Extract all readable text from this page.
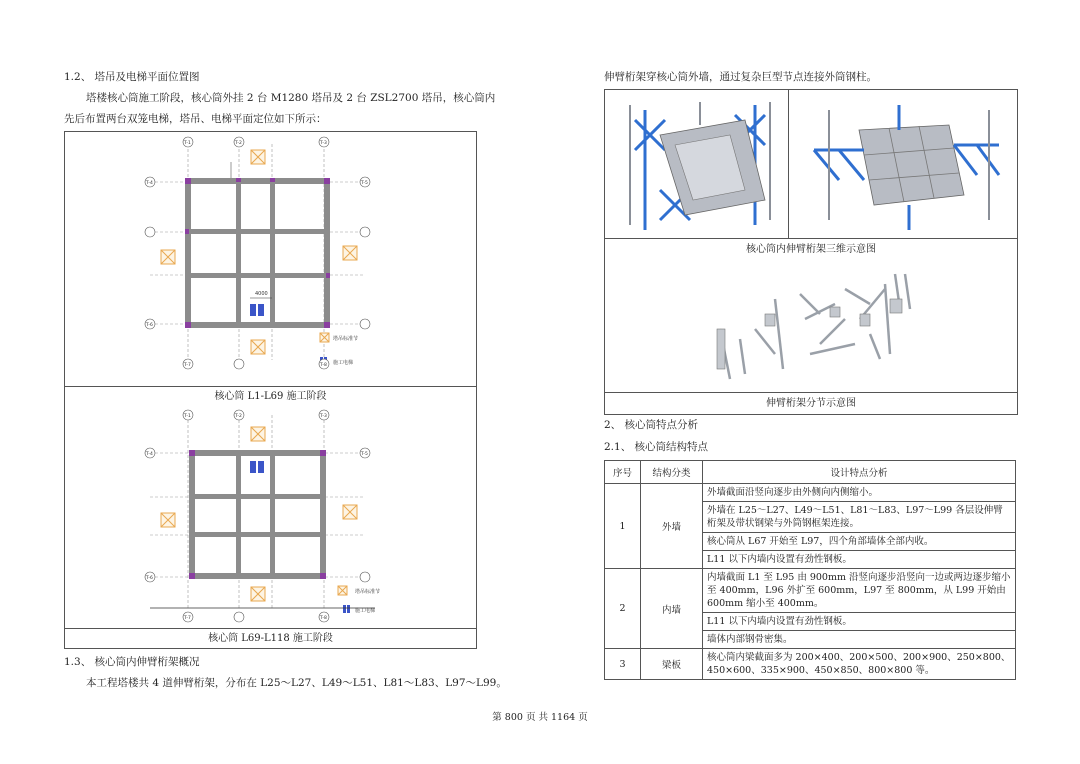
1.2、 塔吊及电梯平面位置图
塔楼核心筒施工阶段，核心筒外挂 2 台 M1280 塔吊及 2 台 ZSL2700 塔吊，核心筒内
先后布置两台双笼电梯，塔吊、电梯平面定位如下所示：
4000
塔吊标准节
施工电梯
T-1	T-2	T-3
T-4	T-5
T-6
T-7	T-8
核心筒 L1-L69 施工阶段
塔吊标准节
施工电梯
T-1	T-2	T-3
T-4	T-5
T-6
T-7	T-8
核心筒 L69-L118 施工阶段
1.3、 核心筒内伸臂桁架概况
本工程塔楼共 4 道伸臂桁架，分布在 L25～L27、L49～L51、L81～L83、L97～L99。
伸臂桁架穿核心筒外墙，通过复杂巨型节点连接外筒钢柱。
核心筒内伸臂桁架三维示意图
伸臂桁架分节示意图
2、 核心筒特点分析
2.1、 核心筒结构特点
序号	结构分类	设计特点分析
1	外墙	外墙截面沿竖向逐步由外侧向内侧缩小。
		外墙在 L25～L27、L49～L51、L81～L83、L97～L99 各层设伸臂桁架及带状钢梁与外筒钢框架连接。
		核心筒从 L67 开始至 L97，四个角部墙体全部内收。
		L11 以下内墙内设置有劲性钢板。
2	内墙	内墙截面 L1 至 L95 由 900mm 沿竖向逐步沿竖向一边或两边逐步缩小至 400mm，L96 外扩至 600mm，L97 至 800mm，从 L99 开始由 600mm 缩小至 400mm。
		L11 以下内墙内设置有劲性钢板。
		墙体内部钢骨密集。
3	梁板	核心筒内梁截面多为 200×400、200×500、200×900、250×800、450×600、335×900、450×850、800×800 等。
第 800 页 共 1164 页
